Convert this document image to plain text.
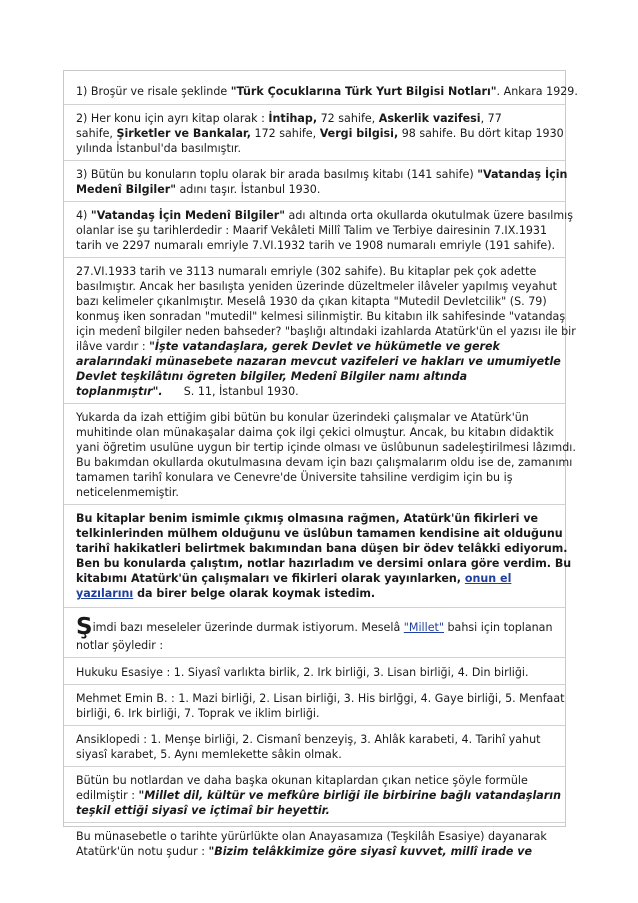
1) Broşür ve risale şeklinde "Türk Çocuklarına Türk Yurt Bilgisi Notları". Ankara 1929.

2) Her konu için ayrı kitap olarak : İntihap, 72 sahife, Askerlik vazifesi, 77

sahife, Şirketler ve Bankalar, 172 sahife, Vergi bilgisi, 98 sahife. Bu dört kitap 1930

yılında İstanbul'da basılmıştır.

3) Bütün bu konuların toplu olarak bir arada basılmış kitabı (141 sahife) "Vatandaş İçin

Medenî Bilgiler" adını taşır. İstanbul 1930.

4) "Vatandaş İçin Medenî Bilgiler" adı altında orta okullarda okutulmak üzere basılmış

olanlar ise şu tarihlerdedir : Maarif Vekâleti Millî Talim ve Terbiye dairesinin 7.IX.1931

tarih ve 2297 numaralı emriyle 7.VI.1932 tarih ve 1908 numaralı emriyle (191 sahife).

27.VI.1933 tarih ve 3113 numaralı emriyle (302 sahife). Bu kitaplar pek çok adette

basılmıştır. Ancak her basılışta yeniden üzerinde düzeltmeler ilâveler yapılmış veyahut

bazı kelimeler çıkanlmıştır. Meselâ 1930 da çıkan kitapta "Mutedil Devletcilik" (S. 79)

konmuş iken sonradan "mutedil" kelmesi silinmiştir. Bu kitabın ilk sahifesinde "vatandaş

için medenî bilgiler neden bahseder? "başlığı altındaki izahlarda Atatürk'ün el yazısı ile bir

ilâve vardır : "İşte vatandaşlara, gerek Devlet ve hükümetle ve gerek

aralarındaki münasebete nazaran mevcut vazifeleri ve hakları ve umumiyetle

Devlet teşkilâtını ögreten bilgiler, Medenî Bilgiler namı altında

toplanmıştır".      S. 11, İstanbul 1930.

Yukarda da izah ettiğim gibi bütün bu konular üzerindeki çalışmalar ve Atatürk'ün

muhitinde olan münakaşalar daima çok ilgi çekici olmuştur. Ancak, bu kitabın didaktik

yani öğretim usulüne uygun bir tertip içinde olması ve üslûbunun sadeleştirilmesi lâzımdı.

Bu bakımdan okullarda okutulmasına devam için bazı çalışmalarım oldu ise de, zamanımı

tamamen tarihî konulara ve Cenevre'de Üniversite tahsiline verdigim için bu iş

neticelenmemiştir.

Bu kitaplar benim ismimle çıkmış olmasına rağmen, Atatürk'ün fikirleri ve

telkinlerinden mülhem olduğunu ve üslûbun tamamen kendisine ait olduğunu

tarihî hakikatleri belirtmek bakımından bana düşen bir ödev telâkki ediyorum.

Ben bu konularda çalıştım, notlar hazırladım ve dersimi onlara göre verdim. Bu

kitabımı Atatürk'ün çalışmaları ve fikirleri olarak yayınlarken, onun el

yazılarını da birer belge olarak koymak istedim.

Şimdi bazı meseleler üzerinde durmak istiyorum. Meselâ "Millet" bahsi için toplanan

notlar şöyledir :

Hukuku Esasiye : 1. Siyasî varlıkta birlik, 2. Irk birliği, 3. Lisan birliği, 4. Din birliği.

Mehmet Emin B. : 1. Mazi birliği, 2. Lisan birliği, 3. His birlğgi, 4. Gaye birliği, 5. Menfaat

birliği, 6. Irk birliği, 7. Toprak ve iklim birliği.

Ansiklopedi : 1. Menşe birliği, 2. Cismanî benzeyiş, 3. Ahlâk karabeti, 4. Tarihî yahut

siyasî karabet, 5. Aynı memlekette sâkin olmak.

Bütün bu notlardan ve daha başka okunan kitaplardan çıkan netice şöyle formüle

edilmiştir : "Millet dil, kültür ve mefkûre birliği ile birbirine bağlı vatandaşların

teşkil ettiği siyasî ve içtimaî bir heyettir.

Bu münasebetle o tarihte yürürlükte olan Anayasamıza (Teşkilâh Esasiye) dayanarak

Atatürk'ün notu şudur : "Bizim telâkkimize göre siyasî kuvvet, millî irade ve
